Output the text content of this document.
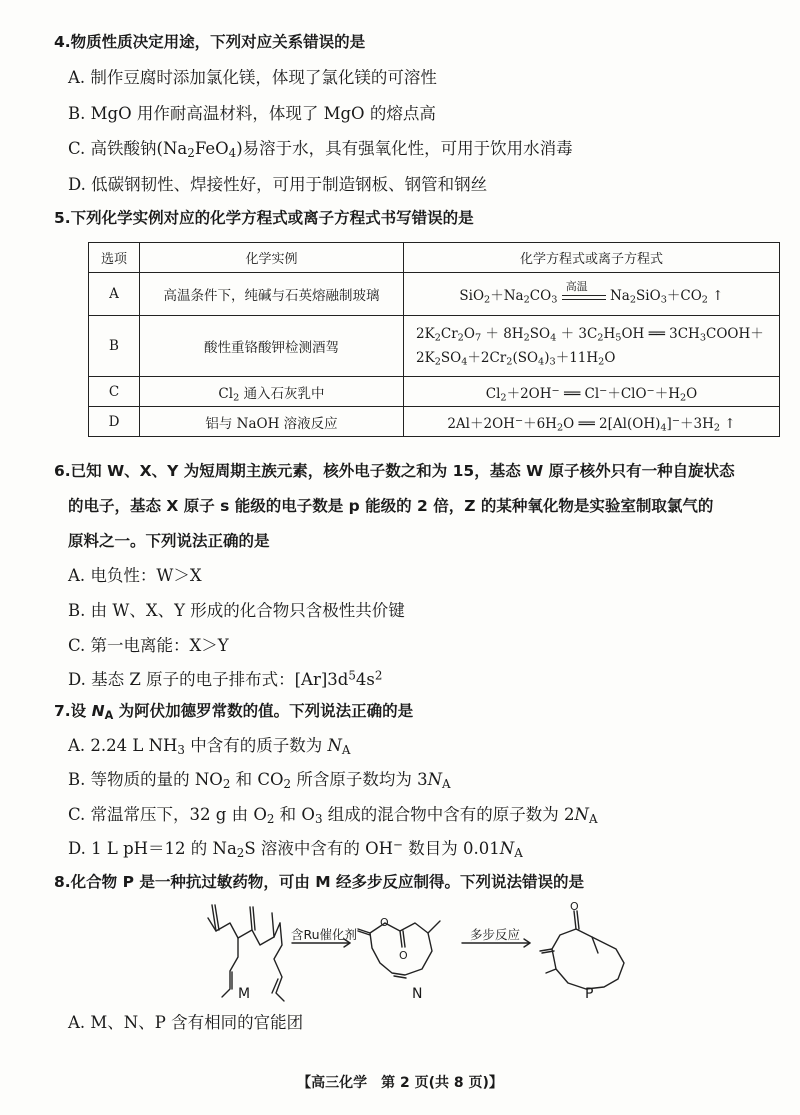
4.物质性质决定用途，下列对应关系错误的是
A. 制作豆腐时添加氯化镁，体现了氯化镁的可溶性
B. MgO 用作耐高温材料，体现了 MgO 的熔点高
C. 高铁酸钠$(Na_2FeO_4)$易溶于水，具有强氧化性，可用于饮用水消毒
D. 低碳钢韧性、焊接性好，可用于制造钢板、钢管和钢丝
5.下列化学实例对应的化学方程式或离子方程式书写错误的是
选项	化学实例	化学方程式或离子方程式
A	高温条件下，纯碱与石英熔融制玻璃	$SiO_2+Na_2CO_3$
高温
$Na_2SiO_3+CO_2$ ↑
B	酸性重铬酸钾检测酒驾	$2K_2Cr_2O_7 + 8H_2SO_4 + 3C_2H_5OH$ ══ $3CH_3COOH+$
$2K_2SO_4+2Cr_2(SO_4)_3+11H_2O$

C	$Cl_2$ 通入石灰乳中	$Cl_2+2OH^-$ ══ $Cl^-+ClO^-+H_2O$
D	铝与 NaOH 溶液反应	$2Al+2OH^-+6H_2O$ ══ $2[Al(OH)_4]^-+3H_2$ ↑
6.已知 W、X、Y 为短周期主族元素，核外电子数之和为 15，基态 W 原子核外只有一种自旋状态
的电子，基态 X 原子 s 能级的电子数是 p 能级的 2 倍，Z 的某种氧化物是实验室制取氯气的
原料之一。下列说法正确的是
A. 电负性：W＞X
B. 由 W、X、Y 形成的化合物只含极性共价键
C. 第一电离能：X＞Y
D. 基态 Z 原子的电子排布式：$[Ar]3d^54s^2$
7.设 $N_A$ 为阿伏加德罗常数的值。下列说法正确的是
A. 2.24 L $NH_3$ 中含有的质子数为 $N_A$
B. 等物质的量的 $NO_2$ 和 $CO_2$ 所含原子数均为 $3N_A$
C. 常温常压下，32 g 由 $O_2$ 和 $O_3$ 组成的混合物中含有的原子数为 $2N_A$
D. 1 L pH＝12 的 $Na_2S$ 溶液中含有的 OH− 数目为 $0.01N_A$
8.化合物 P 是一种抗过敏药物，可由 M 经多步反应制得。下列说法错误的是
O
O
O
含Ru催化剂	多步反应
M	N	P
A. M、N、P 含有相同的官能团
【高三化学　第 2 页(共 8 页)】
